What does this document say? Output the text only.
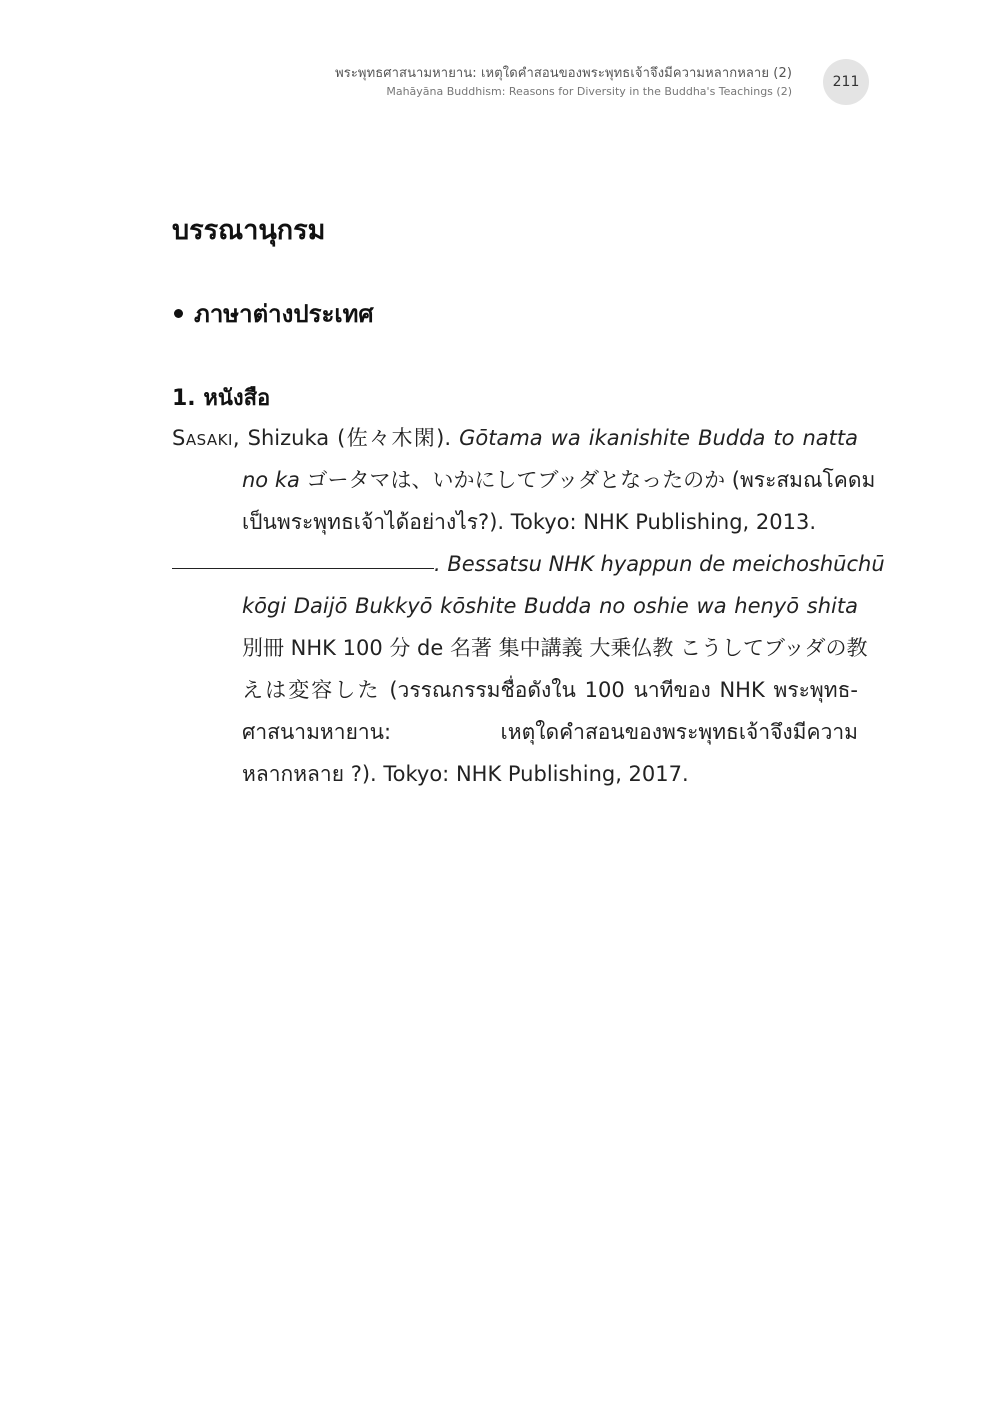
พระพุทธศาสนามหายาน: เหตุใดคำสอนของพระพุทธเจ้าจึงมีความหลากหลาย (2)
Mahāyāna Buddhism: Reasons for Diversity in the Buddha's Teachings (2)
211
บรรณานุกรม
ภาษาต่างประเทศ
1. หนังสือ

Sasaki, Shizuka (佐々木閑). Gōtama wa ikanishite Budda to natta

no ka ゴータマは、いかにしてブッダとなったのか (พระสมณโคดม

เป็นพระพุทธเจ้าได้อย่างไร?). Tokyo: NHK Publishing, 2013.

. Bessatsu NHK hyappun de meichoshūchū

kōgi Daijō Bukkyō kōshite Budda no oshie wa henyō shita

別冊 NHK 100 分 de 名著 集中講義 大乗仏教 こうしてブッダの教

えは変容した (วรรณกรรมชื่อดังใน 100 นาทีของ NHK พระพุทธ-

ศาสนามหายาน: เหตุใดคำสอนของพระพุทธเจ้าจึงมีความ

หลากหลาย ?). Tokyo: NHK Publishing, 2017.
